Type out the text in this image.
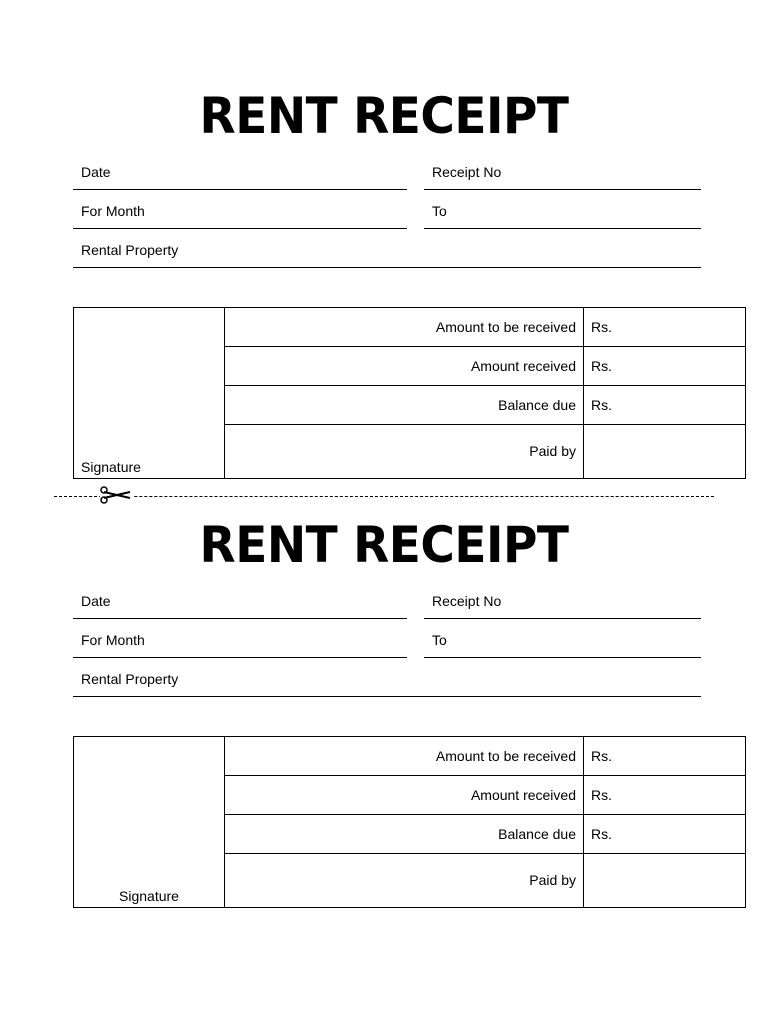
RENT RECEIPT
Date	Receipt No
For Month	To
Rental Property
Signature	Amount to be received	Rs.
	Amount received	Rs.
	Balance due	Rs.
	Paid by	
RENT RECEIPT
Date	Receipt No
For Month	To
Rental Property
Signature	Amount to be received	Rs.
	Amount received	Rs.
	Balance due	Rs.
	Paid by	
